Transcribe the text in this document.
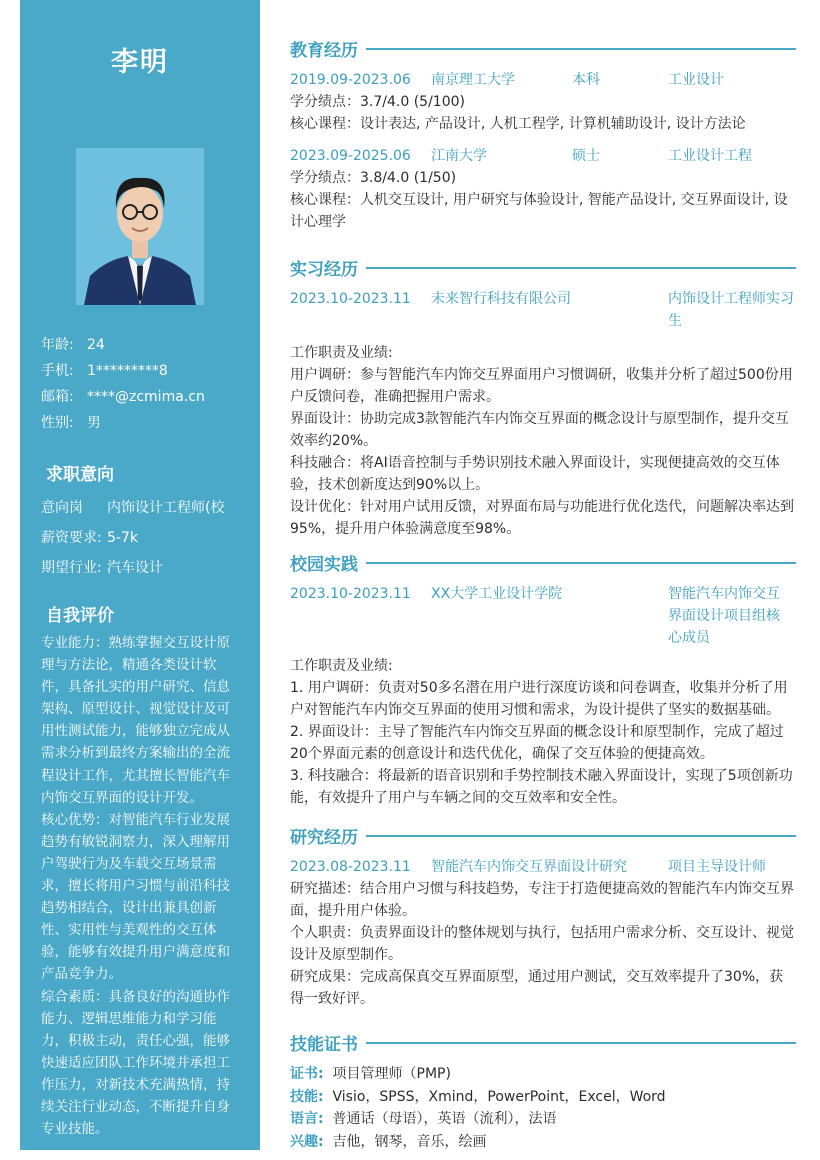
李明
年龄: 24
手机: 1*********8
邮箱: ****@zcmima.cn
性别: 男
求职意向
意向岗 内饰设计工程师(校
薪资要求: 5-7k
期望行业: 汽车设计
自我评价

专业能力：熟练掌握交互设计原理与方法论，精通各类设计软件，具备扎实的用户研究、信息架构、原型设计、视觉设计及可用性测试能力，能够独立完成从需求分析到最终方案输出的全流程设计工作，尤其擅长智能汽车内饰交互界面的设计开发。

核心优势：对智能汽车行业发展趋势有敏锐洞察力，深入理解用户驾驶行为及车载交互场景需求，擅长将用户习惯与前沿科技趋势相结合，设计出兼具创新性、实用性与美观性的交互体验，能够有效提升用户满意度和产品竞争力。

综合素质：具备良好的沟通协作能力、逻辑思维能力和学习能力，积极主动，责任心强，能够快速适应团队工作环境并承担工作压力，对新技术充满热情，持续关注行业动态，不断提升自身专业技能。

教育经历
2019.09-2023.06	南京理工大学	本科	工业设计
学分绩点：3.7/4.0 (5/100)
核心课程：设计表达, 产品设计, 人机工程学, 计算机辅助设计, 设计方法论
2023.09-2025.06	江南大学	硕士	工业设计工程
学分绩点：3.8/4.0 (1/50)
核心课程：人机交互设计, 用户研究与体验设计, 智能产品设计, 交互界面设计, 设计心理学
实习经历
2023.10-2023.11	未来智行科技有限公司	内饰设计工程师实习生
工作职责及业绩:

用户调研：参与智能汽车内饰交互界面用户习惯调研，收集并分析了超过500份用户反馈问卷，准确把握用户需求。

界面设计：协助完成3款智能汽车内饰交互界面的概念设计与原型制作，提升交互效率约20%。

科技融合：将AI语音控制与手势识别技术融入界面设计，实现便捷高效的交互体验，技术创新度达到90%以上。

设计优化：针对用户试用反馈，对界面布局与功能进行优化迭代，问题解决率达到95%，提升用户体验满意度至98%。

校园实践
2023.10-2023.11	XX大学工业设计学院	智能汽车内饰交互界面设计项目组核心成员
工作职责及业绩:

1. 用户调研：负责对50多名潜在用户进行深度访谈和问卷调查，收集并分析了用户对智能汽车内饰交互界面的使用习惯和需求，为设计提供了坚实的数据基础。

2. 界面设计：主导了智能汽车内饰交互界面的概念设计和原型制作，完成了超过20个界面元素的创意设计和迭代优化，确保了交互体验的便捷高效。

3. 科技融合：将最新的语音识别和手势控制技术融入界面设计，实现了5项创新功能，有效提升了用户与车辆之间的交互效率和安全性。

研究经历
2023.08-2023.11	智能汽车内饰交互界面设计研究	项目主导设计师

研究描述：结合用户习惯与科技趋势，专注于打造便捷高效的智能汽车内饰交互界面，提升用户体验。

个人职责：负责界面设计的整体规划与执行，包括用户需求分析、交互设计、视觉设计及原型制作。

研究成果：完成高保真交互界面原型，通过用户测试，交互效率提升了30%，获得一致好评。

技能证书
证书: 项目管理师（PMP)
技能: Visio，SPSS，Xmind，PowerPoint，Excel，Word
语言: 普通话（母语），英语（流利），法语
兴趣: 吉他，钢琴，音乐，绘画
